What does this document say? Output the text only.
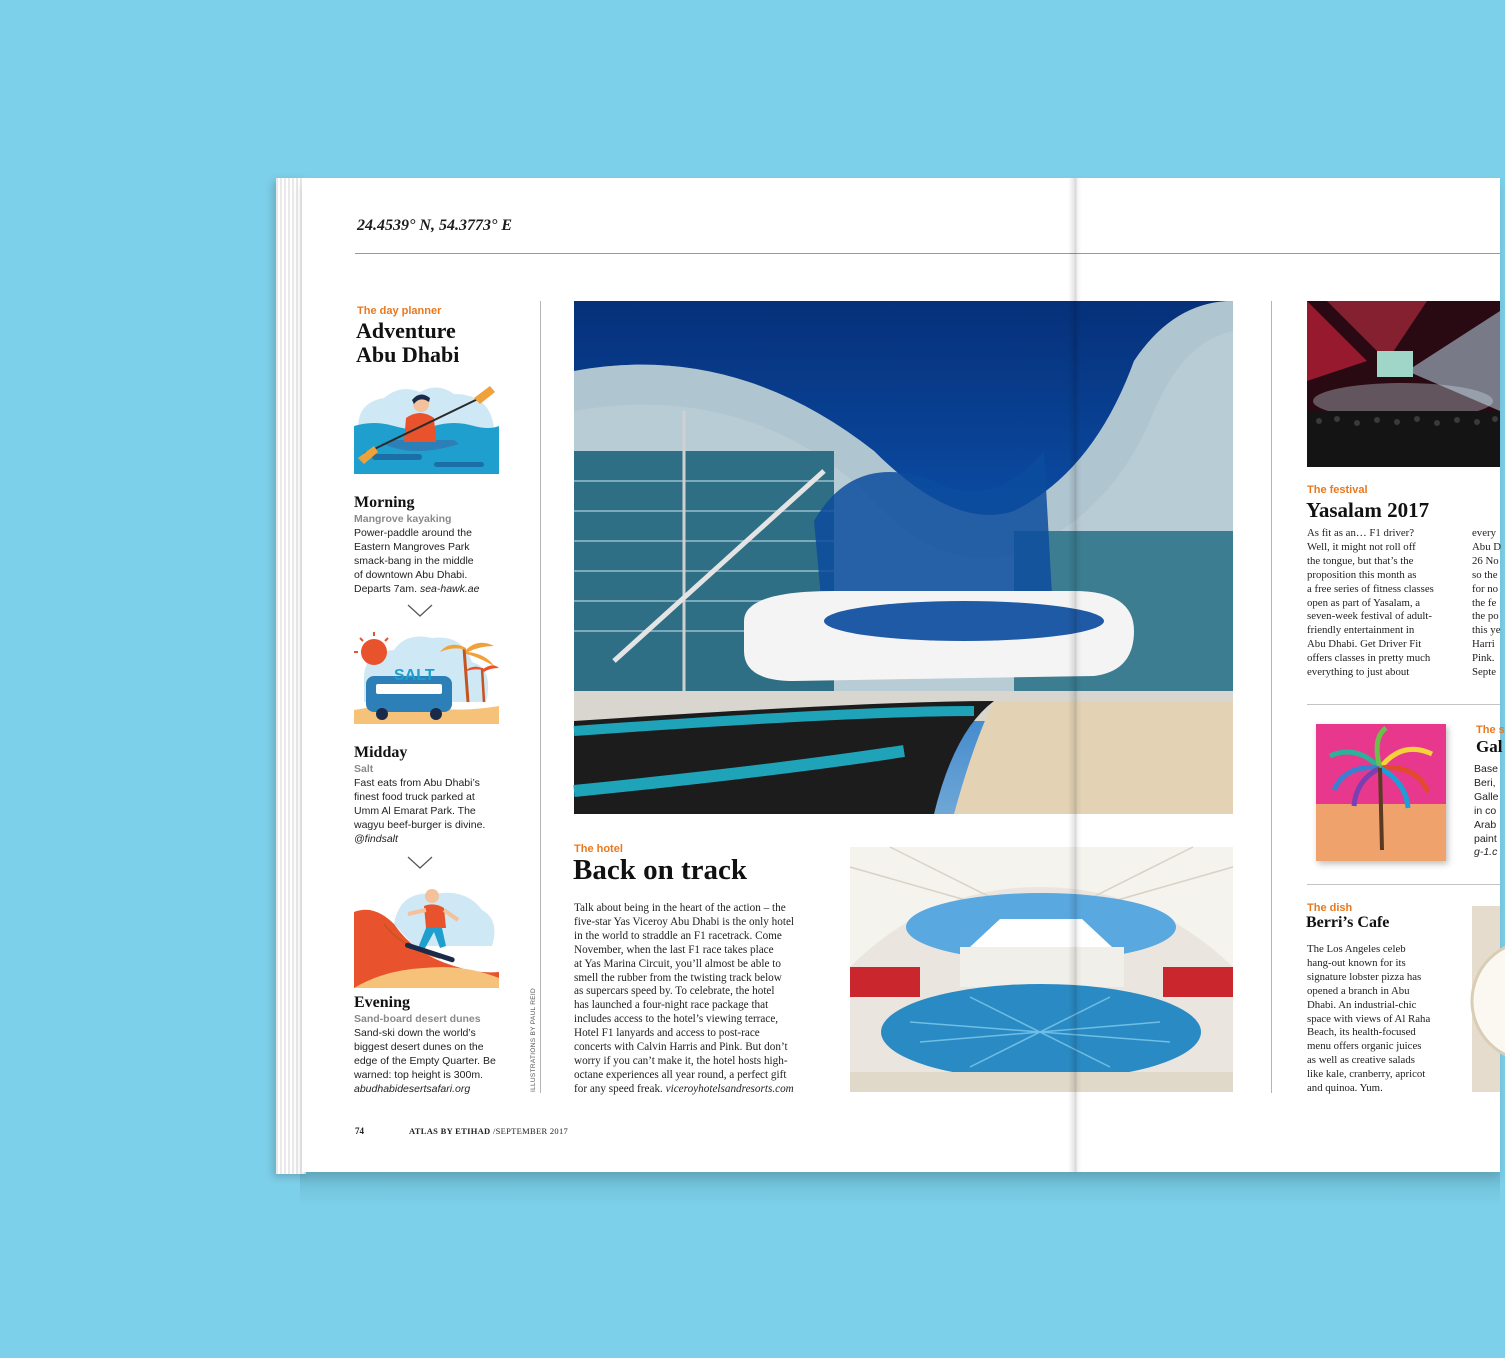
24.4539° N, 54.3773° E
The day planner
Adventure
Abu Dhabi
Morning
Mangrove kayaking
Power-paddle around the
Eastern Mangroves Park
smack-bang in the middle
of downtown Abu Dhabi.
Departs 7am. sea-hawk.ae
SALT
Midday
Salt
Fast eats from Abu Dhabi’s
finest food truck parked at
Umm Al Emarat Park. The
wagyu beef-burger is divine.
@findsalt
Evening
Sand-board desert dunes
Sand-ski down the world’s
biggest desert dunes on the
edge of the Empty Quarter. Be
warned: top height is 300m.
abudhabidesertsafari.org	ILLUSTRATIONS BY PAUL REID
The hotel
Back on track
Talk about being in the heart of the action – the
five-star Yas Viceroy Abu Dhabi is the only hotel
in the world to straddle an F1 racetrack. Come
November, when the last F1 race takes place
at Yas Marina Circuit, you’ll almost be able to
smell the rubber from the twisting track below
as supercars speed by. To celebrate, the hotel
has launched a four-night race package that
includes access to the hotel’s viewing terrace,
Hotel F1 lanyards and access to post-race
concerts with Calvin Harris and Pink. But don’t
worry if you can’t make it, the hotel hosts high-
octane experiences all year round, a perfect gift
for any speed freak. viceroyhotelsandresorts.com
The festival
Yasalam 2017
As fit as an… F1 driver?
Well, it might not roll off
the tongue, but that’s the
proposition this month as
a free series of fitness classes
open as part of Yasalam, a
seven-week festival of adult-
friendly entertainment in
Abu Dhabi. Get Driver Fit
offers classes in pretty much
everything to just about
every
Abu D
26 No
so the
for no
the fe
the po
this ye
Harri
Pink.
Septe
The s
Gal
Base
Beri,
Galle
in co
Arab
paint
g-1.c
The dish
Berri’s Cafe
The Los Angeles celeb
hang-out known for its
signature lobster pizza has
opened a branch in Abu
Dhabi. An industrial-chic
space with views of Al Raha
Beach, its health-focused
menu offers organic juices
as well as creative salads
like kale, cranberry, apricot
and quinoa. Yum.
74	ATLAS BY ETIHAD /SEPTEMBER 2017
